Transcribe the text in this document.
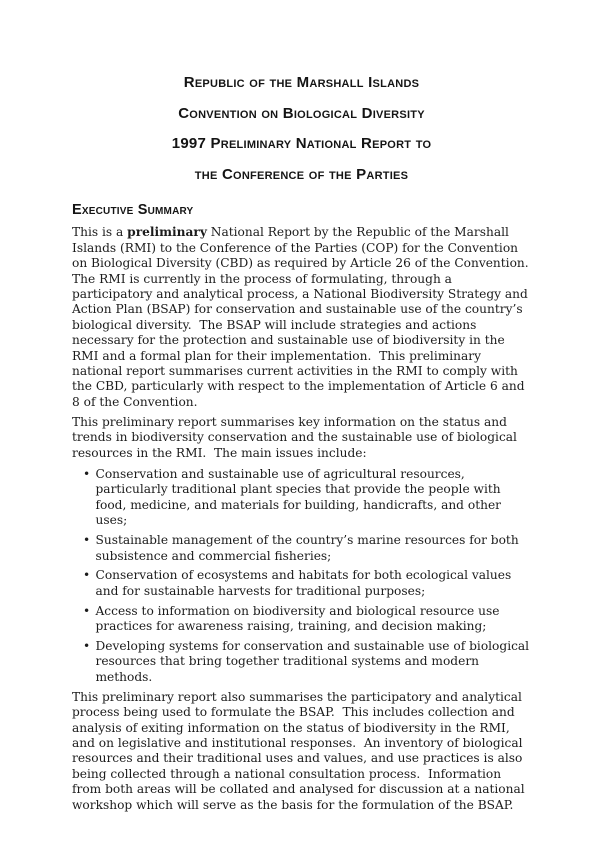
Republic of the Marshall Islands
Convention on Biological Diversity
1997 Preliminary National Report to
the Conference of the Parties
Executive Summary

This is a preliminary National Report by the Republic of the Marshall Islands (RMI) to the Conference of the Parties (COP) for the Convention on Biological Diversity (CBD) as required by Article 26 of the Convention.  The RMI is currently in the process of formulating, through a participatory and analytical process, a National Biodiversity Strategy and Action Plan (BSAP) for conservation and sustainable use of the country’s biological diversity.  The BSAP will include strategies and actions necessary for the protection and sustainable use of biodiversity in the RMI and a formal plan for their implementation.  This preliminary national report summarises current activities in the RMI to comply with the CBD, particularly with respect to the implementation of Article 6 and 8 of the Convention.

This preliminary report summarises key information on the status and trends in biodiversity conservation and the sustainable use of biological resources in the RMI.  The main issues include:

• Conservation and sustainable use of agricultural resources, particularly traditional plant species that provide the people with food, medicine, and materials for building, handicrafts, and other uses;
• Sustainable management of the country’s marine resources for both subsistence and commercial fisheries;
• Conservation of ecosystems and habitats for both ecological values and for sustainable harvests for traditional purposes;
• Access to information on biodiversity and biological resource use practices for awareness raising, training, and decision making;
• Developing systems for conservation and sustainable use of biological resources that bring together traditional systems and modern methods.

This preliminary report also summarises the participatory and analytical process being used to formulate the BSAP.  This includes collection and analysis of exiting information on the status of biodiversity in the RMI, and on legislative and institutional responses.  An inventory of biological resources and their traditional uses and values, and use practices is also being collected through a national consultation process.  Information from both areas will be collated and analysed for discussion at a national workshop which will serve as the basis for the formulation of the BSAP.
